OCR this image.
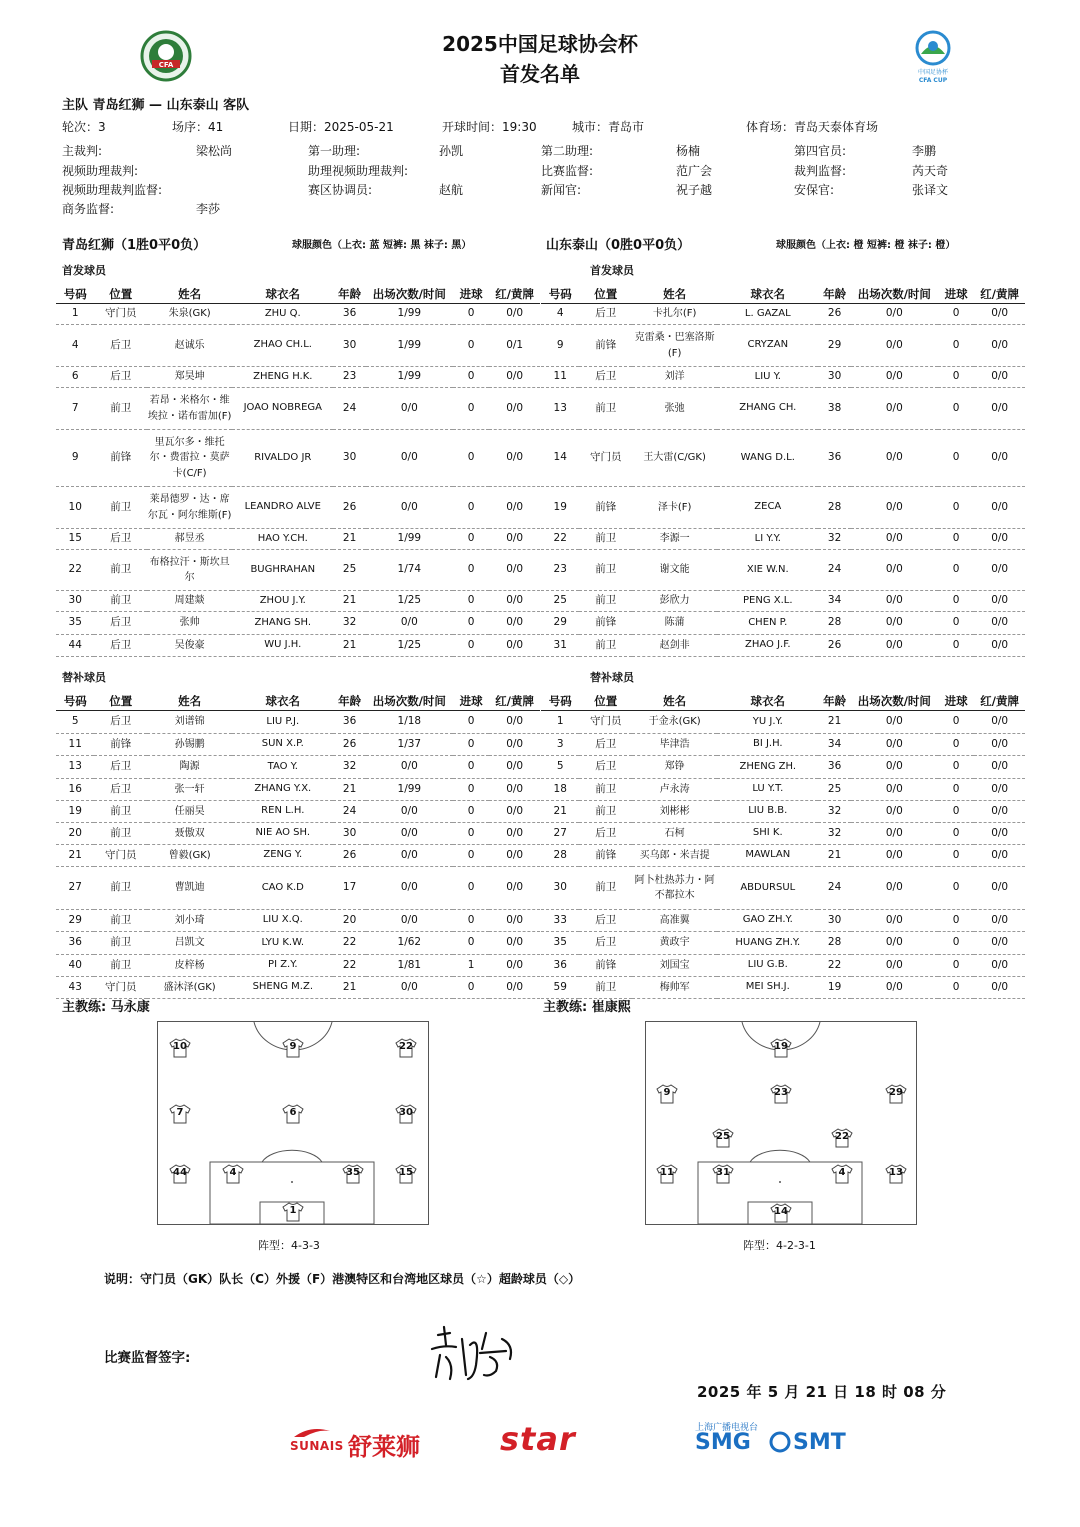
CFA
中国足协杯
CFA CUP
2025中国足球协会杯
首发名单
主队 青岛红狮 — 山东泰山 客队
轮次：3	场序：41	日期：2025-05-21	开球时间：19:30	城市：青岛市	体育场：青岛天泰体育场
主裁判:	梁松尚	第一助理:	孙凯	第二助理:	杨楠	第四官员:	李鹏
视频助理裁判:	助理视频助理裁判:	比赛监督:	范广会	裁判监督:	芮天奇
视频助理裁判监督:	赛区协调员:	赵航	新闻官:	祝子越	安保官:	张译文
商务监督:	李莎
青岛红狮（1胜0平0负）	球服颜色（上衣: 蓝 短裤: 黑 袜子: 黑）	山东泰山（0胜0平0负）	球服颜色（上衣: 橙 短裤: 橙 袜子: 橙）
首发球员	首发球员
号码	位置	姓名	球衣名	年龄	出场次数/时间	进球	红/黄牌
1	守门员	朱泉(GK)	ZHU Q.	36	1/99	0	0/0
4	后卫	赵诚乐	ZHAO CH.L.	30	1/99	0	0/1
6	后卫	郑昊坤	ZHENG H.K.	23	1/99	0	0/0
7	前卫	若昂・米格尔・维埃拉・诺布雷加(F)	JOAO NOBREGA	24	0/0	0	0/0
9	前锋	里瓦尔多・维托尔・费雷拉・莫萨卡(C/F)	RIVALDO JR	30	0/0	0	0/0
10	前卫	莱昂德罗・达・席尔瓦・阿尔维斯(F)	LEANDRO ALVE	26	0/0	0	0/0
15	后卫	郝昱丞	HAO Y.CH.	21	1/99	0	0/0
22	前卫	布格拉汗・斯坎旦尔	BUGHRAHAN	25	1/74	0	0/0
30	前卫	周建燚	ZHOU J.Y.	21	1/25	0	0/0
35	后卫	张帅	ZHANG SH.	32	0/0	0	0/0
44	后卫	吴俊豪	WU J.H.	21	1/25	0	0/0
号码	位置	姓名	球衣名	年龄	出场次数/时间	进球	红/黄牌
4	后卫	卡扎尔(F)	L. GAZAL	26	0/0	0	0/0
9	前锋	克雷桑・巴塞洛斯(F)	CRYZAN	29	0/0	0	0/0
11	后卫	刘洋	LIU Y.	30	0/0	0	0/0
13	前卫	张弛	ZHANG CH.	38	0/0	0	0/0
14	守门员	王大雷(C/GK)	WANG D.L.	36	0/0	0	0/0
19	前锋	泽卡(F)	ZECA	28	0/0	0	0/0
22	前卫	李源一	LI Y.Y.	32	0/0	0	0/0
23	前卫	谢文能	XIE W.N.	24	0/0	0	0/0
25	前卫	彭欣力	PENG X.L.	34	0/0	0	0/0
29	前锋	陈蒲	CHEN P.	28	0/0	0	0/0
31	前卫	赵剑非	ZHAO J.F.	26	0/0	0	0/0
替补球员	替补球员
号码	位置	姓名	球衣名	年龄	出场次数/时间	进球	红/黄牌
5	后卫	刘谱锦	LIU P.J.	36	1/18	0	0/0
11	前锋	孙锡鹏	SUN X.P.	26	1/37	0	0/0
13	后卫	陶源	TAO Y.	32	0/0	0	0/0
16	后卫	张一轩	ZHANG Y.X.	21	1/99	0	0/0
19	前卫	任丽昊	REN L.H.	24	0/0	0	0/0
20	前卫	聂傲双	NIE AO SH.	30	0/0	0	0/0
21	守门员	曾毅(GK)	ZENG Y.	26	0/0	0	0/0
27	前卫	曹凯迪	CAO K.D	17	0/0	0	0/0
29	前卫	刘小琦	LIU X.Q.	20	0/0	0	0/0
36	前卫	吕凯文	LYU K.W.	22	1/62	0	0/0
40	前卫	皮梓杨	PI Z.Y.	22	1/81	1	0/0
43	守门员	盛沐泽(GK)	SHENG M.Z.	21	0/0	0	0/0
号码	位置	姓名	球衣名	年龄	出场次数/时间	进球	红/黄牌
1	守门员	于金永(GK)	YU J.Y.	21	0/0	0	0/0
3	后卫	毕津浩	BI J.H.	34	0/0	0	0/0
5	后卫	郑铮	ZHENG ZH.	36	0/0	0	0/0
18	前卫	卢永涛	LU Y.T.	25	0/0	0	0/0
21	前卫	刘彬彬	LIU B.B.	32	0/0	0	0/0
27	后卫	石柯	SHI K.	32	0/0	0	0/0
28	前锋	买乌郎・米吉提	MAWLAN	21	0/0	0	0/0
30	前卫	阿卜杜热苏力・阿不都拉木	ABDURSUL	24	0/0	0	0/0
33	后卫	高准翼	GAO ZH.Y.	30	0/0	0	0/0
35	后卫	黄政宇	HUANG ZH.Y.	28	0/0	0	0/0
36	前锋	刘国宝	LIU G.B.	22	0/0	0	0/0
59	前卫	梅帅军	MEI SH.J.	19	0/0	0	0/0
主教练: 马永康	主教练: 崔康熙
10	9	22
7	6	30
44	4	35	15
1
19
9	23	29
25	22
11	31	4	13
14
阵型：4-3-3	阵型：4-2-3-1
说明：守门员（GK）队长（C）外援（F）港澳特区和台湾地区球员（☆）超龄球员（◇）
比赛监督签字:
2025 年 5 月 21 日 18 时 08 分
SUNAIS 舒莱狮	star	上海广播电视台
SMG SMT
